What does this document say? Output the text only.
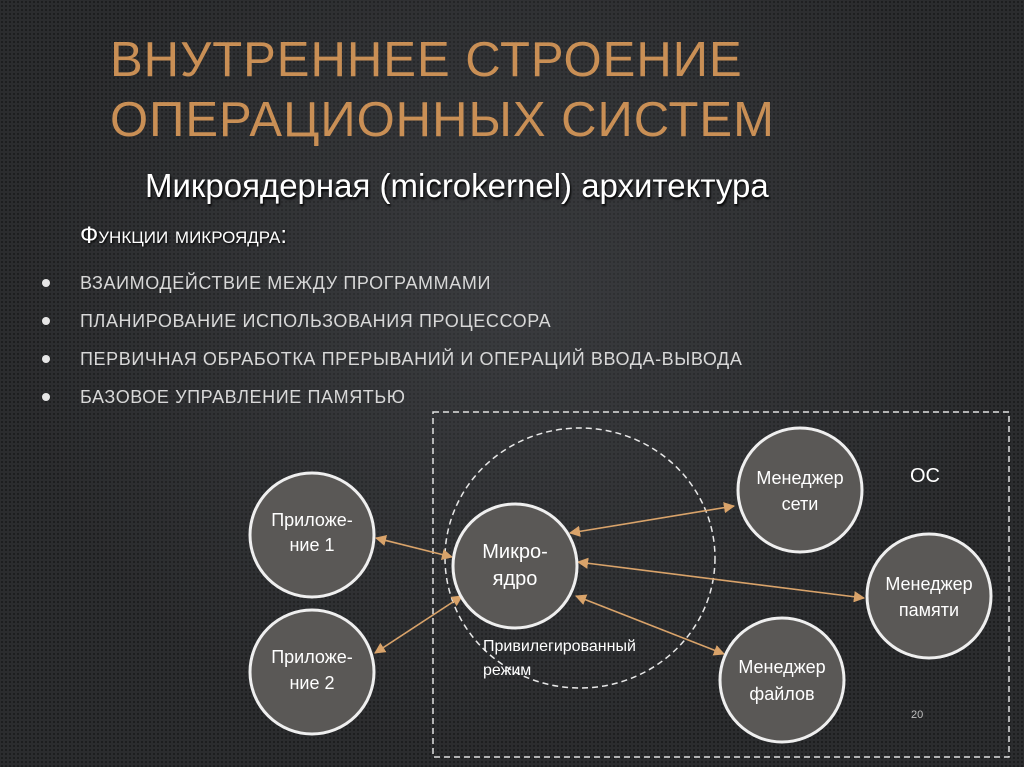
ВНУТРЕННЕЕ СТРОЕНИЕ
ОПЕРАЦИОННЫХ СИСТЕМ
Микроядерная (microkernel) архитектура
Функции микроядра:
ВЗАИМОДЕЙСТВИЕ МЕЖДУ ПРОГРАММАМИ
ПЛАНИРОВАНИЕ ИСПОЛЬЗОВАНИЯ ПРОЦЕССОРА
ПЕРВИЧНАЯ ОБРАБОТКА ПРЕРЫВАНИЙ И ОПЕРАЦИЙ ВВОДА-ВЫВОДА
БАЗОВОЕ УПРАВЛЕНИЕ ПАМЯТЬЮ
ОС
Привилегированный
режим
Приложе-
ние 1
Приложе-
ние 2
Микро-
ядро
Менеджер
сети
Менеджер
памяти
Менеджер
файлов
20
